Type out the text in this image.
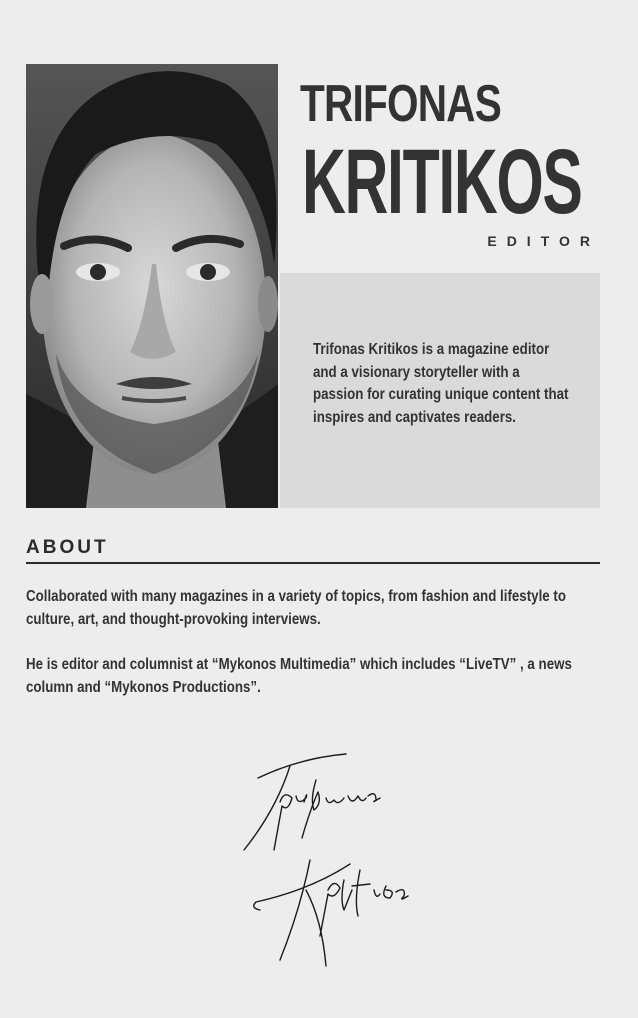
TRIFONAS
KRITIKOS
EDITOR
Trifonas Kritikos is a magazine editor and a visionary storyteller with a passion for curating unique content that inspires and captivates readers.
ABOUT

Collaborated with many magazines in a variety of topics, from fashion and lifestyle to culture, art, and thought-provoking interviews.

He is editor and columnist at “Mykonos Multimedia” which includes “LiveTV” , a news column and “Mykonos Productions”.
